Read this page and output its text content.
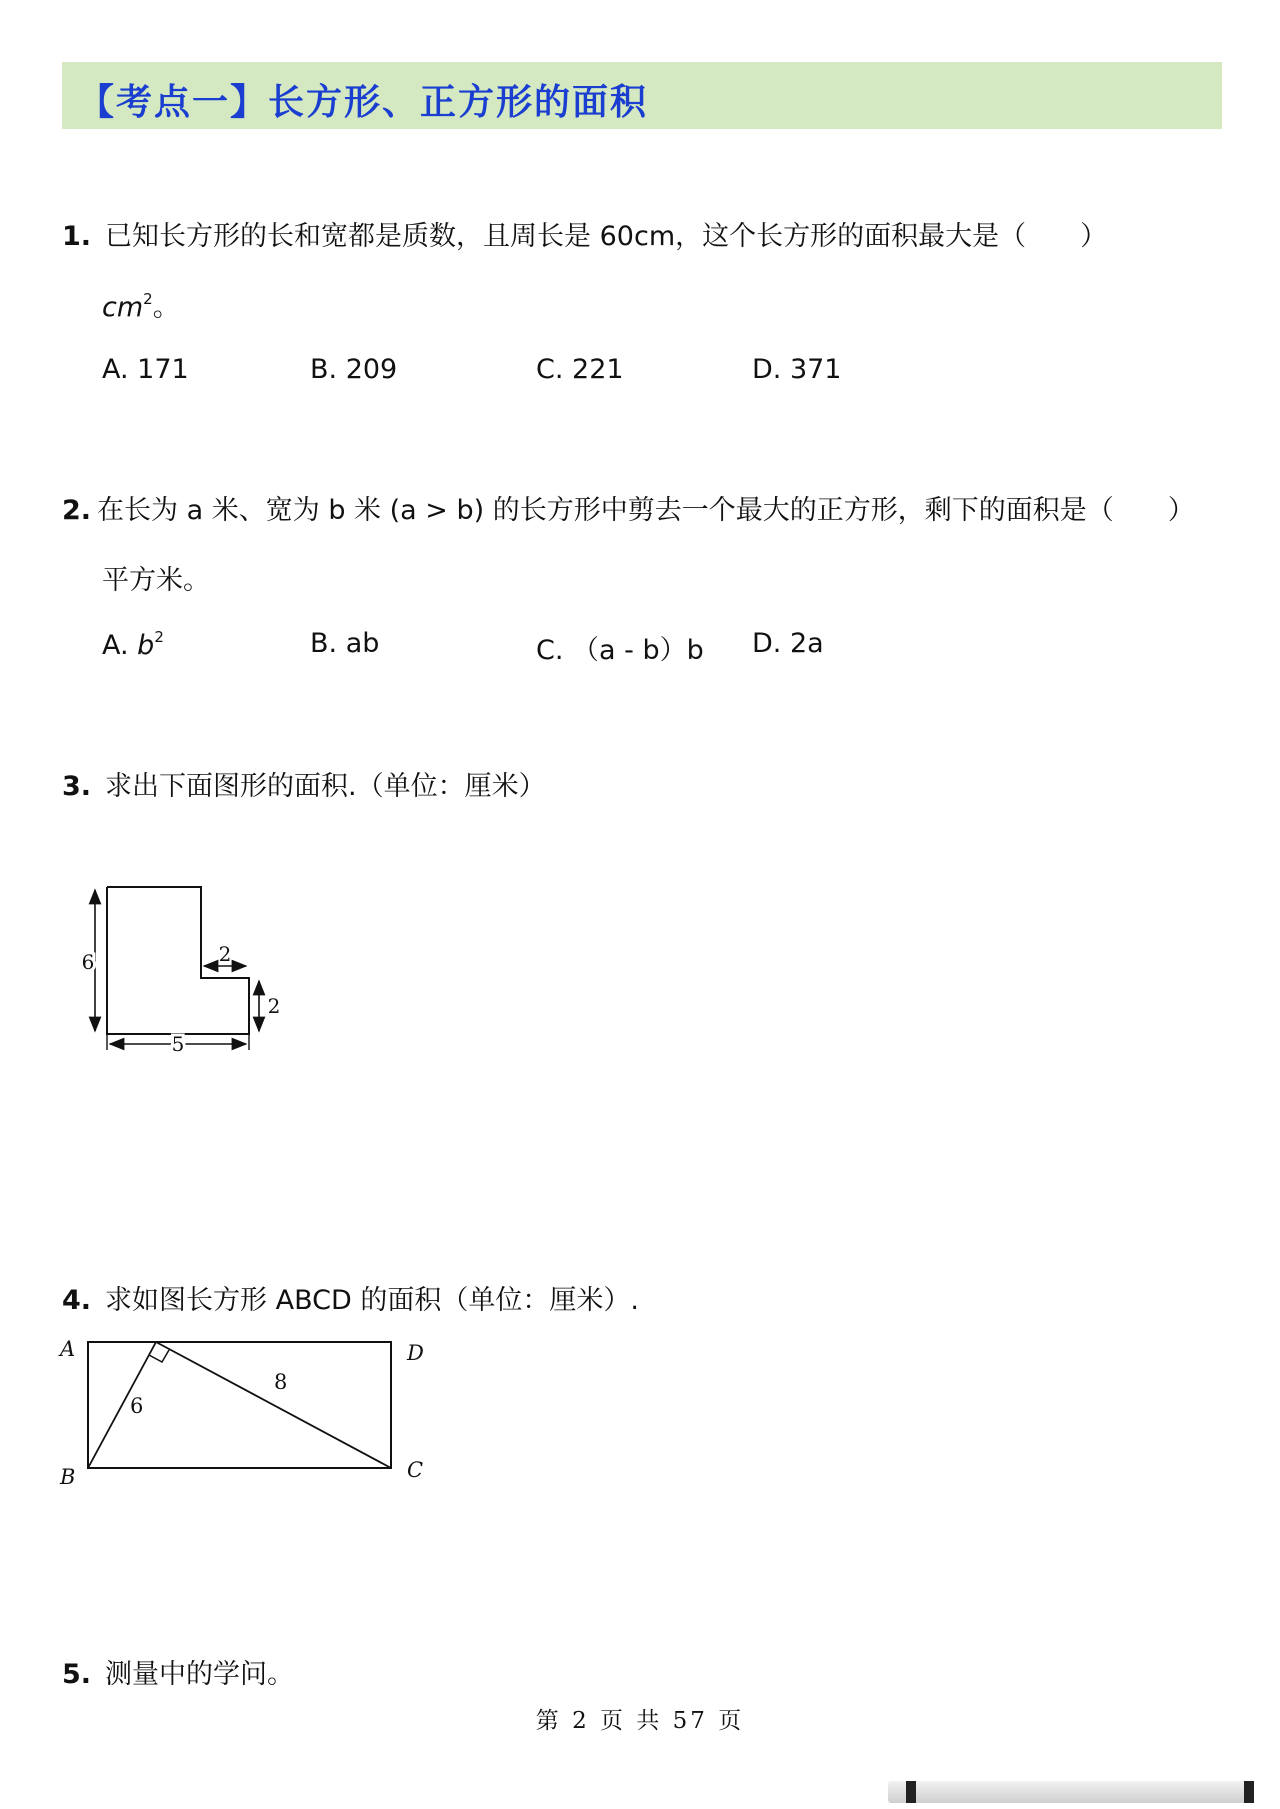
【考点一】长方形、正方形的面积
1. 已知长方形的长和宽都是质数，且周长是 60cm，这个长方形的面积最大是（　　）
$cm^2$。
A. 171	B. 209	C. 221	D. 371
2. 在长为 a 米、宽为 b 米 (a > b) 的长方形中剪去一个最大的正方形，剩下的面积是（　　）
平方米。
A. $b^2$	B. ab	C. （a - b）b D. 2a
3. 求出下面图形的面积.（单位：厘米）
6	2
2
5
4. 求如图长方形 ABCD 的面积（单位：厘米）.
A
B	C
D
6
8
5. 测量中的学问。
第 2 页 共 57 页
